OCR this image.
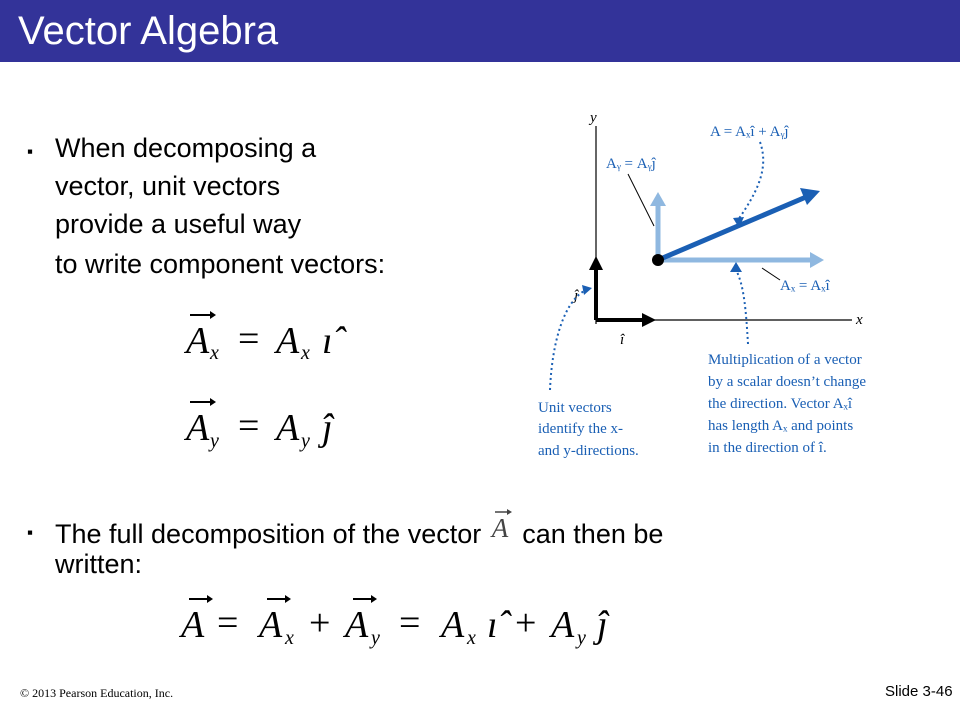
Vector Algebra
▪ When decomposing a
vector, unit vectors
provide a useful way
to write component vectors:
A x = A x ı̂
A y = A y ĵ
y
x
ĵ
î
A = Aₓî + Aᵧĵ
Aᵧ = Aᵧĵ
Aₓ = Aₓî
Unit vectors
identify the x-
and y-directions.
Multiplication of a vector
by a scalar doesn’t change
the direction. Vector Aₓî
has length Aₓ and points
in the direction of î.
▪ The full decomposition of the vector A can then be
written:
A = A x + A y = A x ı̂ + A y ĵ
© 2013 Pearson Education, Inc.	Slide 3-46
